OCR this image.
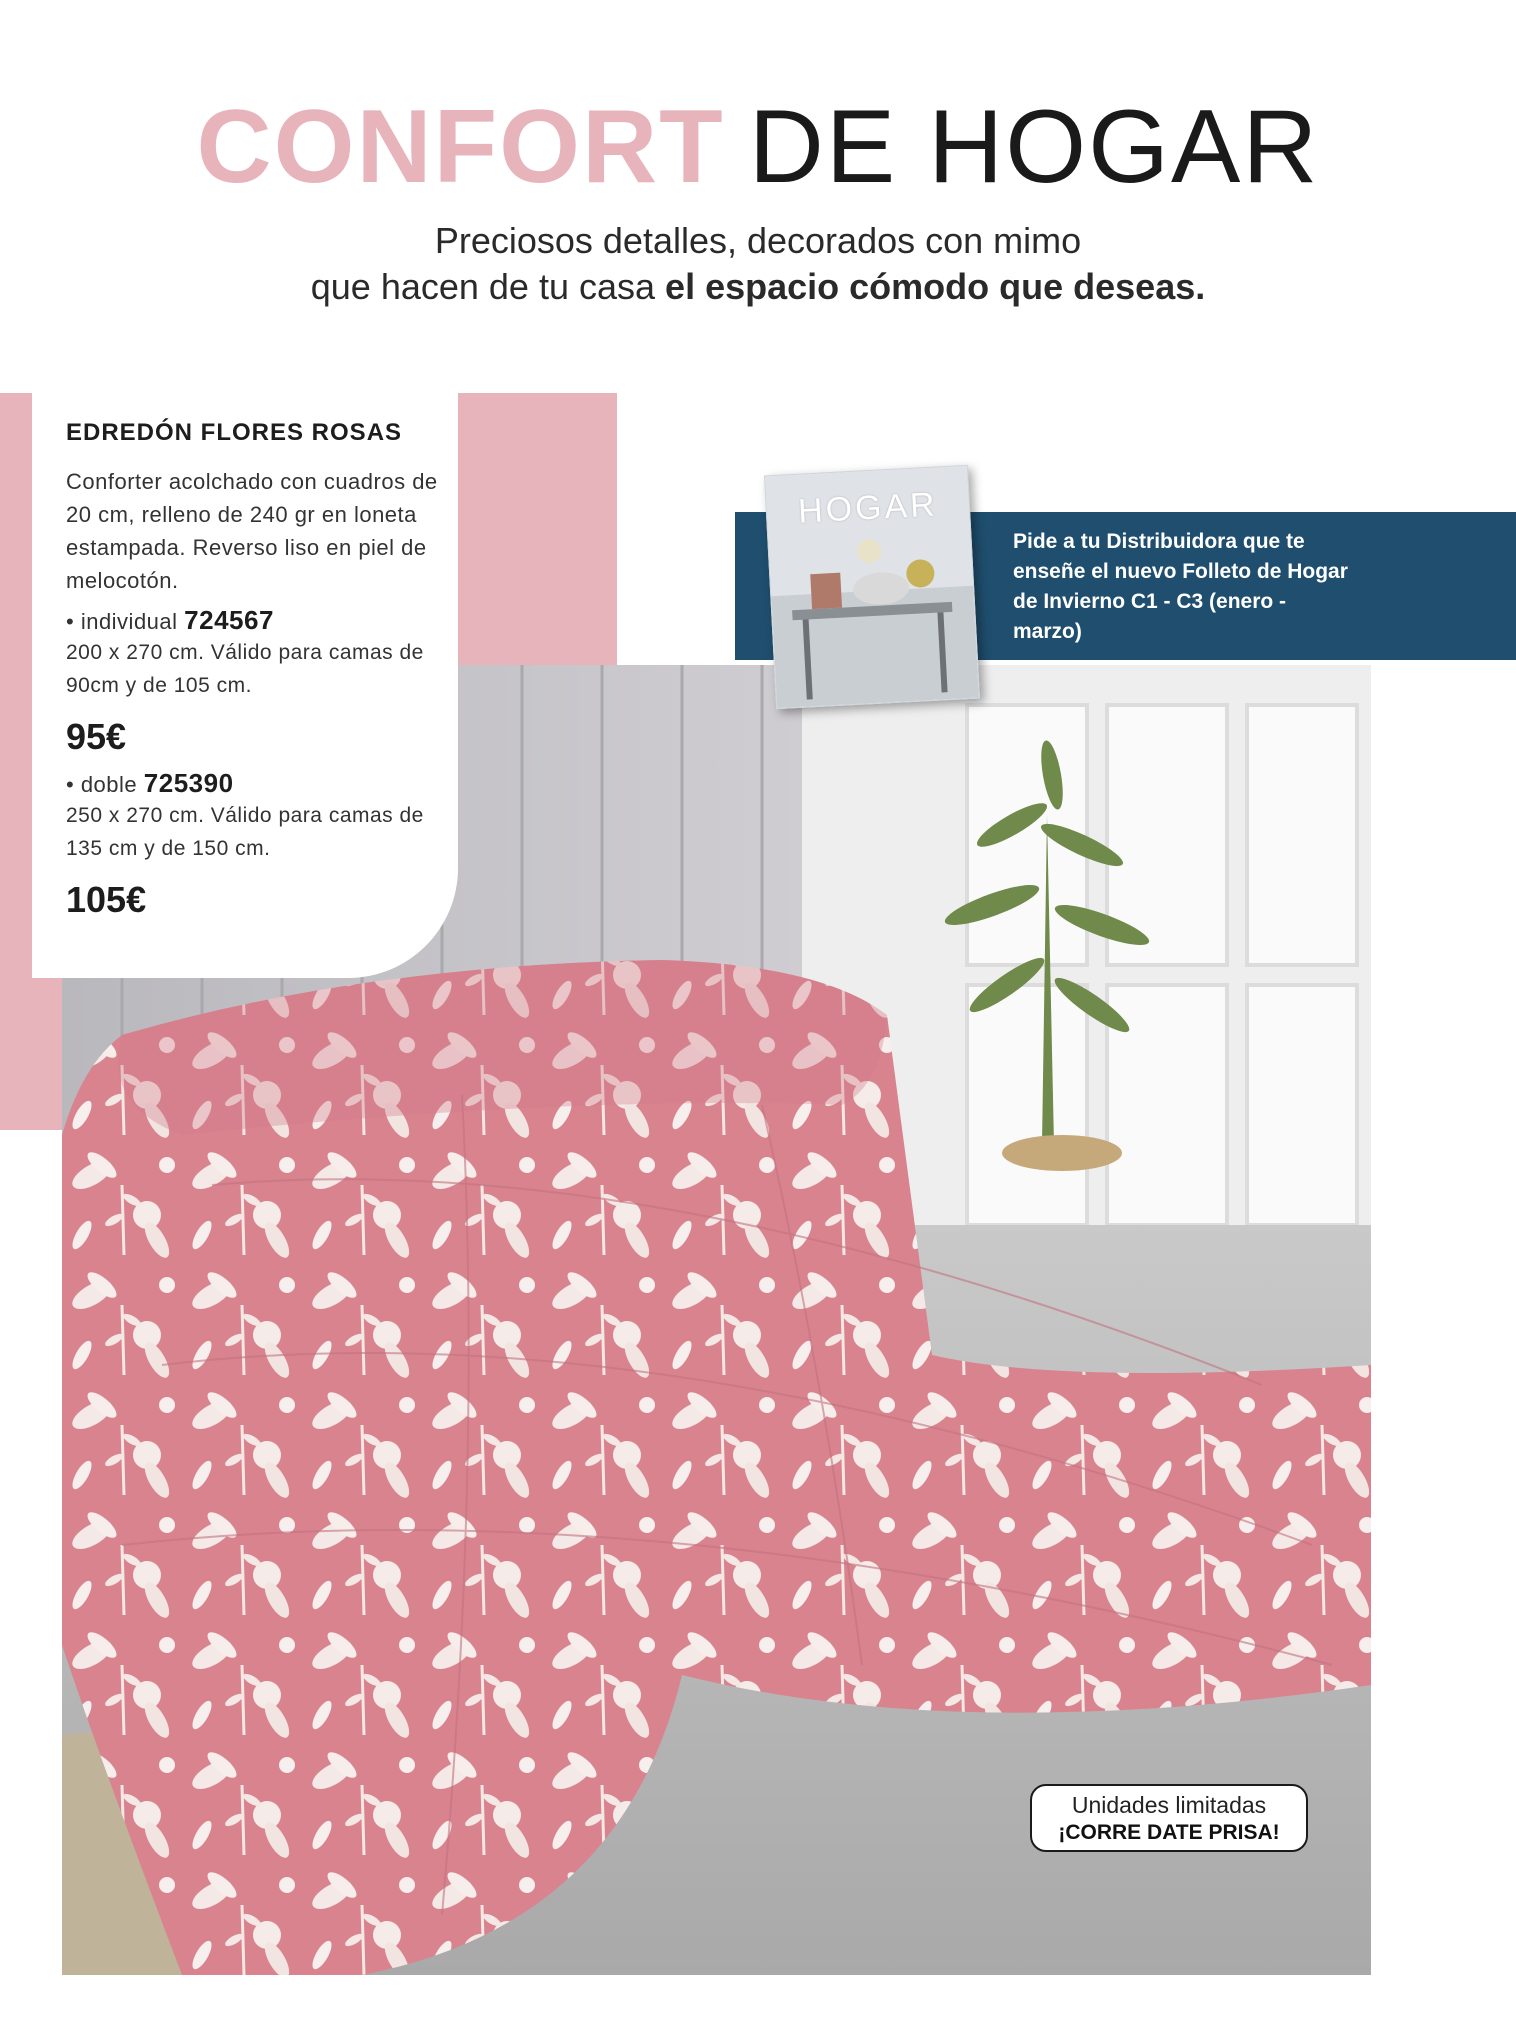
CONFORT DE HOGAR
Preciosos detalles, decorados con mimo
que hacen de tu casa el espacio cómodo que deseas.
EDREDÓN FLORES ROSAS
Conforter acolchado con cuadros de 20 cm, relleno de 240 gr en loneta estampada. Reverso liso en piel de melocotón.
• individual 724567
200 x 270 cm. Válido para camas de 90cm y de 105 cm.
95€
• doble 725390
250 x 270 cm. Válido para camas de 135 cm y de 150 cm.
105€
Pide a tu Distribuidora que te enseñe el nuevo Folleto de Hogar de Invierno C1 - C3 (enero - marzo)
HOGAR
Unidades limitadas
¡CORRE DATE PRISA!
